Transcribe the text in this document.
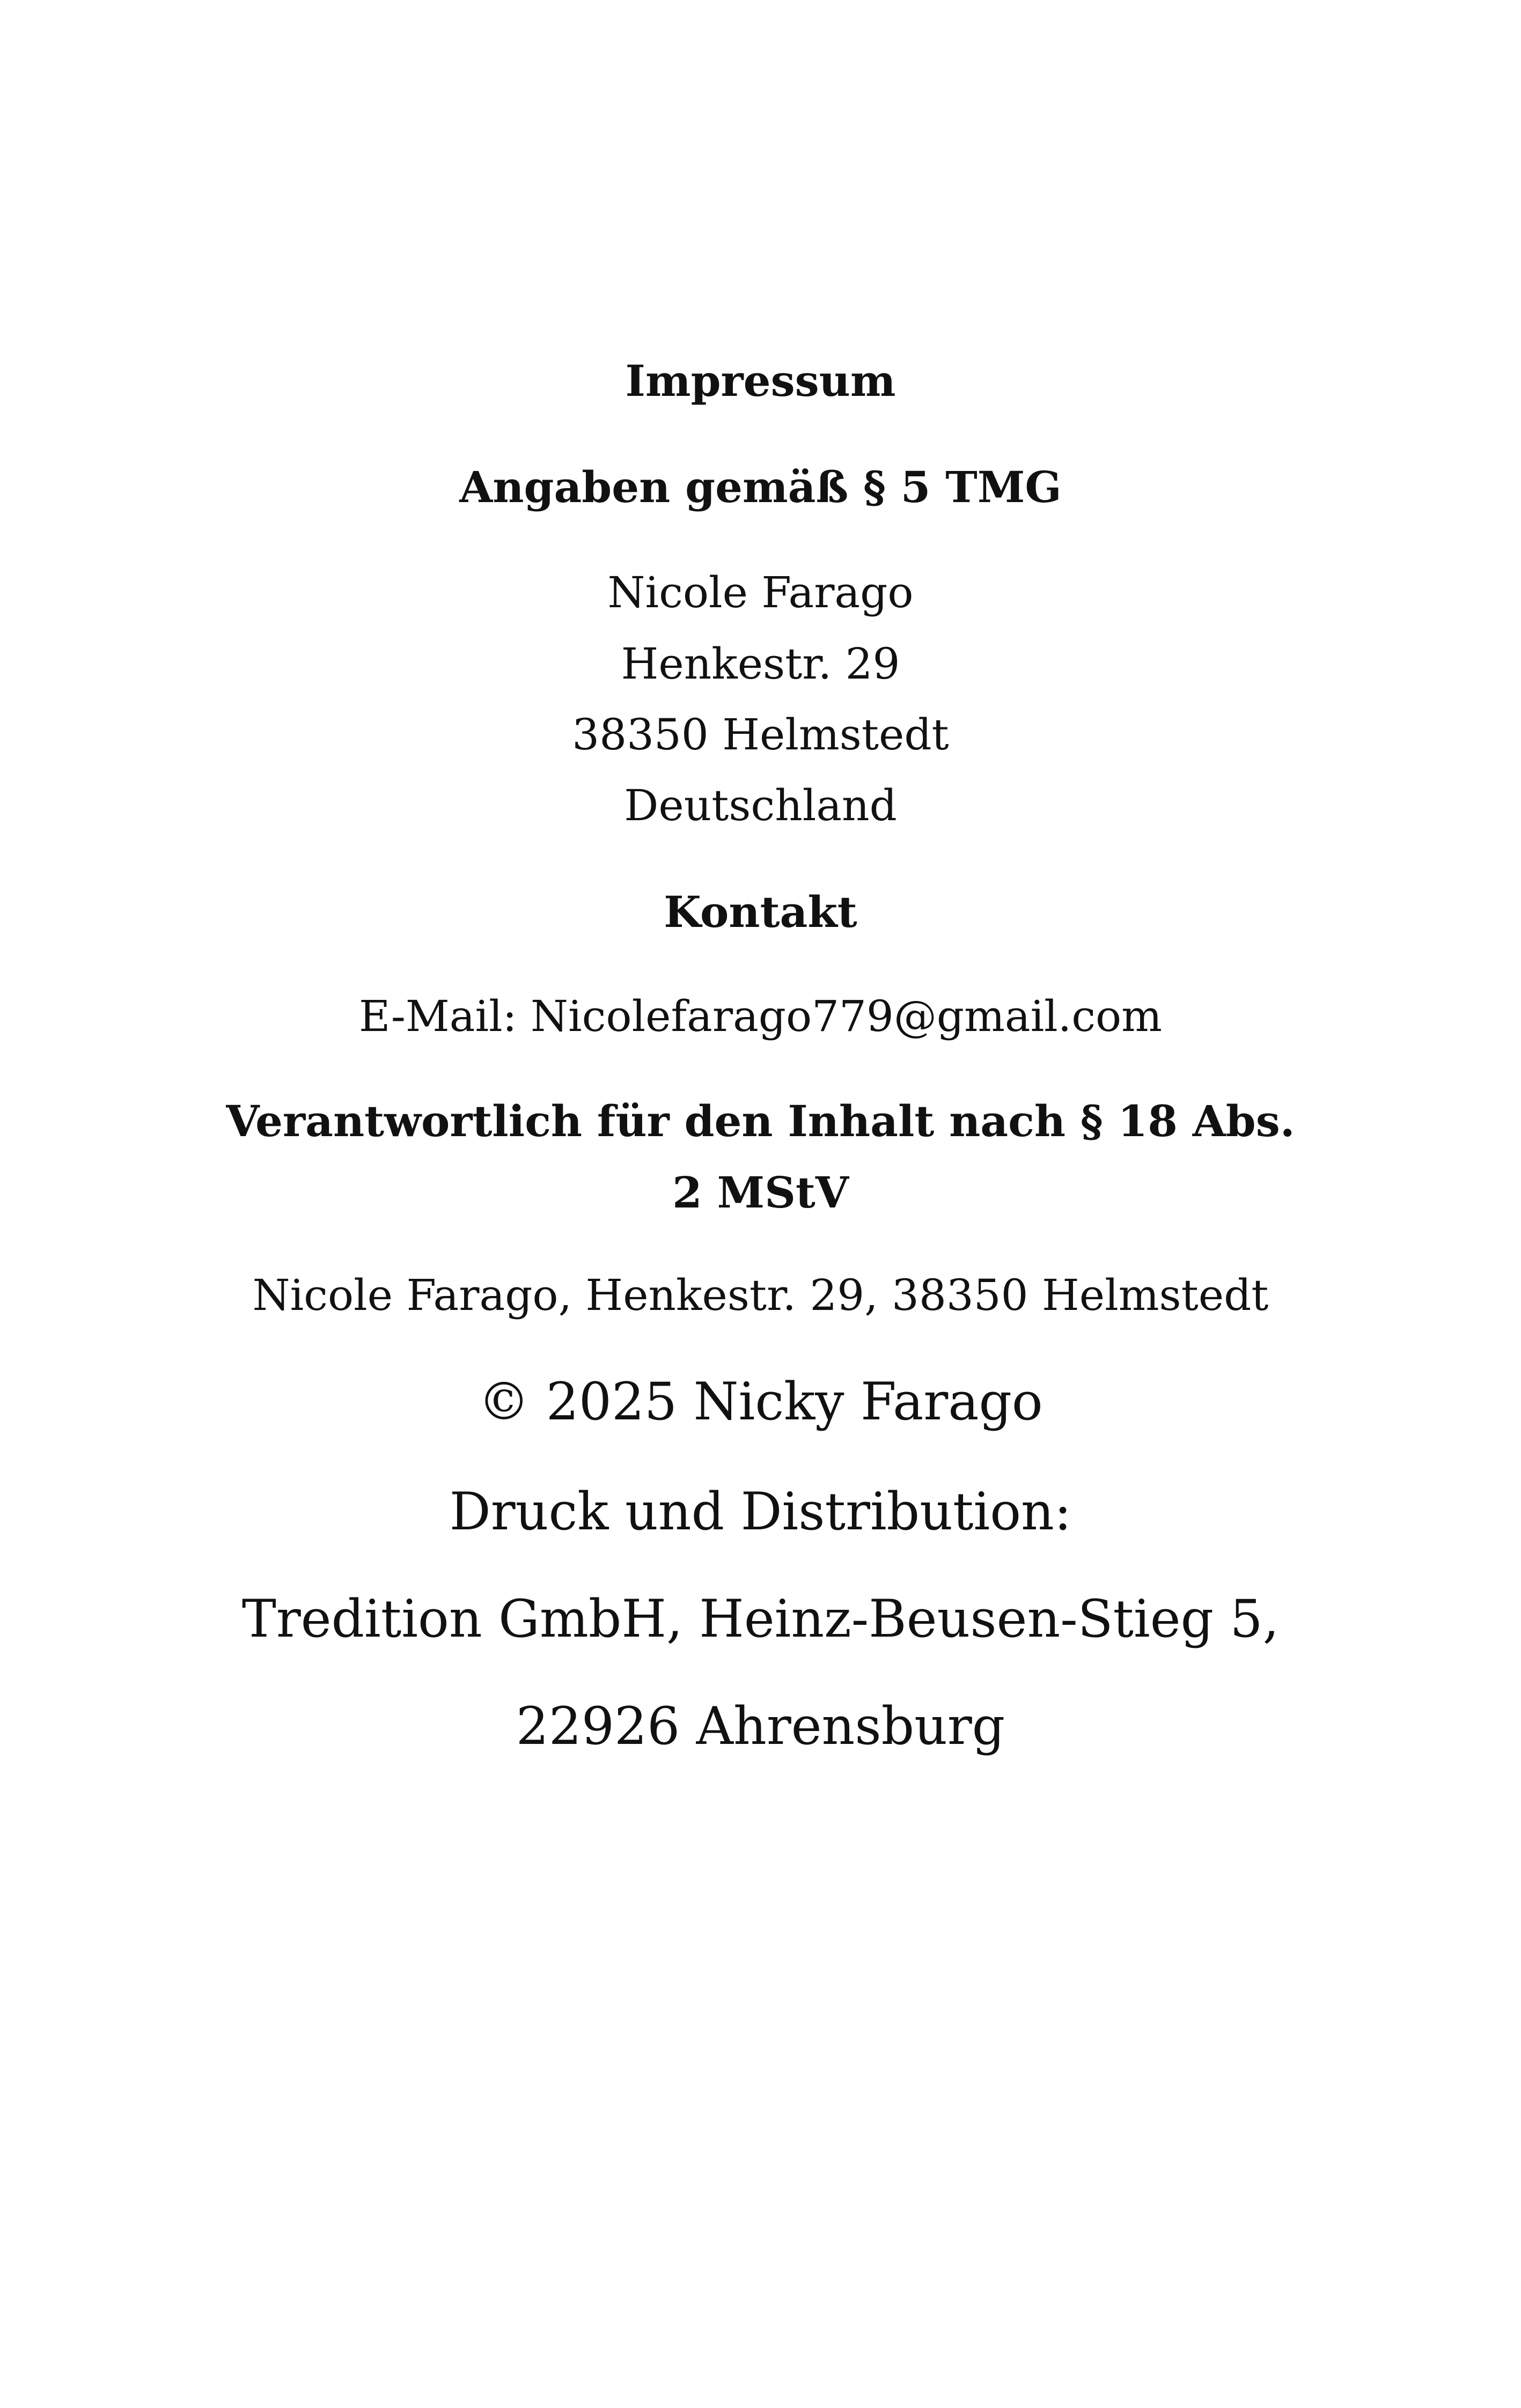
Impressum
Angaben gemäß § 5 TMG
Nicole Farago
Henkestr. 29
38350 Helmstedt
Deutschland
Kontakt
E-Mail: Nicolefarago779@gmail.com
Verantwortlich für den Inhalt nach § 18 Abs.
2 MStV
Nicole Farago, Henkestr. 29, 38350 Helmstedt
© 2025 Nicky Farago
Druck und Distribution:
Tredition GmbH, Heinz-Beusen-Stieg 5,
22926 Ahrensburg
